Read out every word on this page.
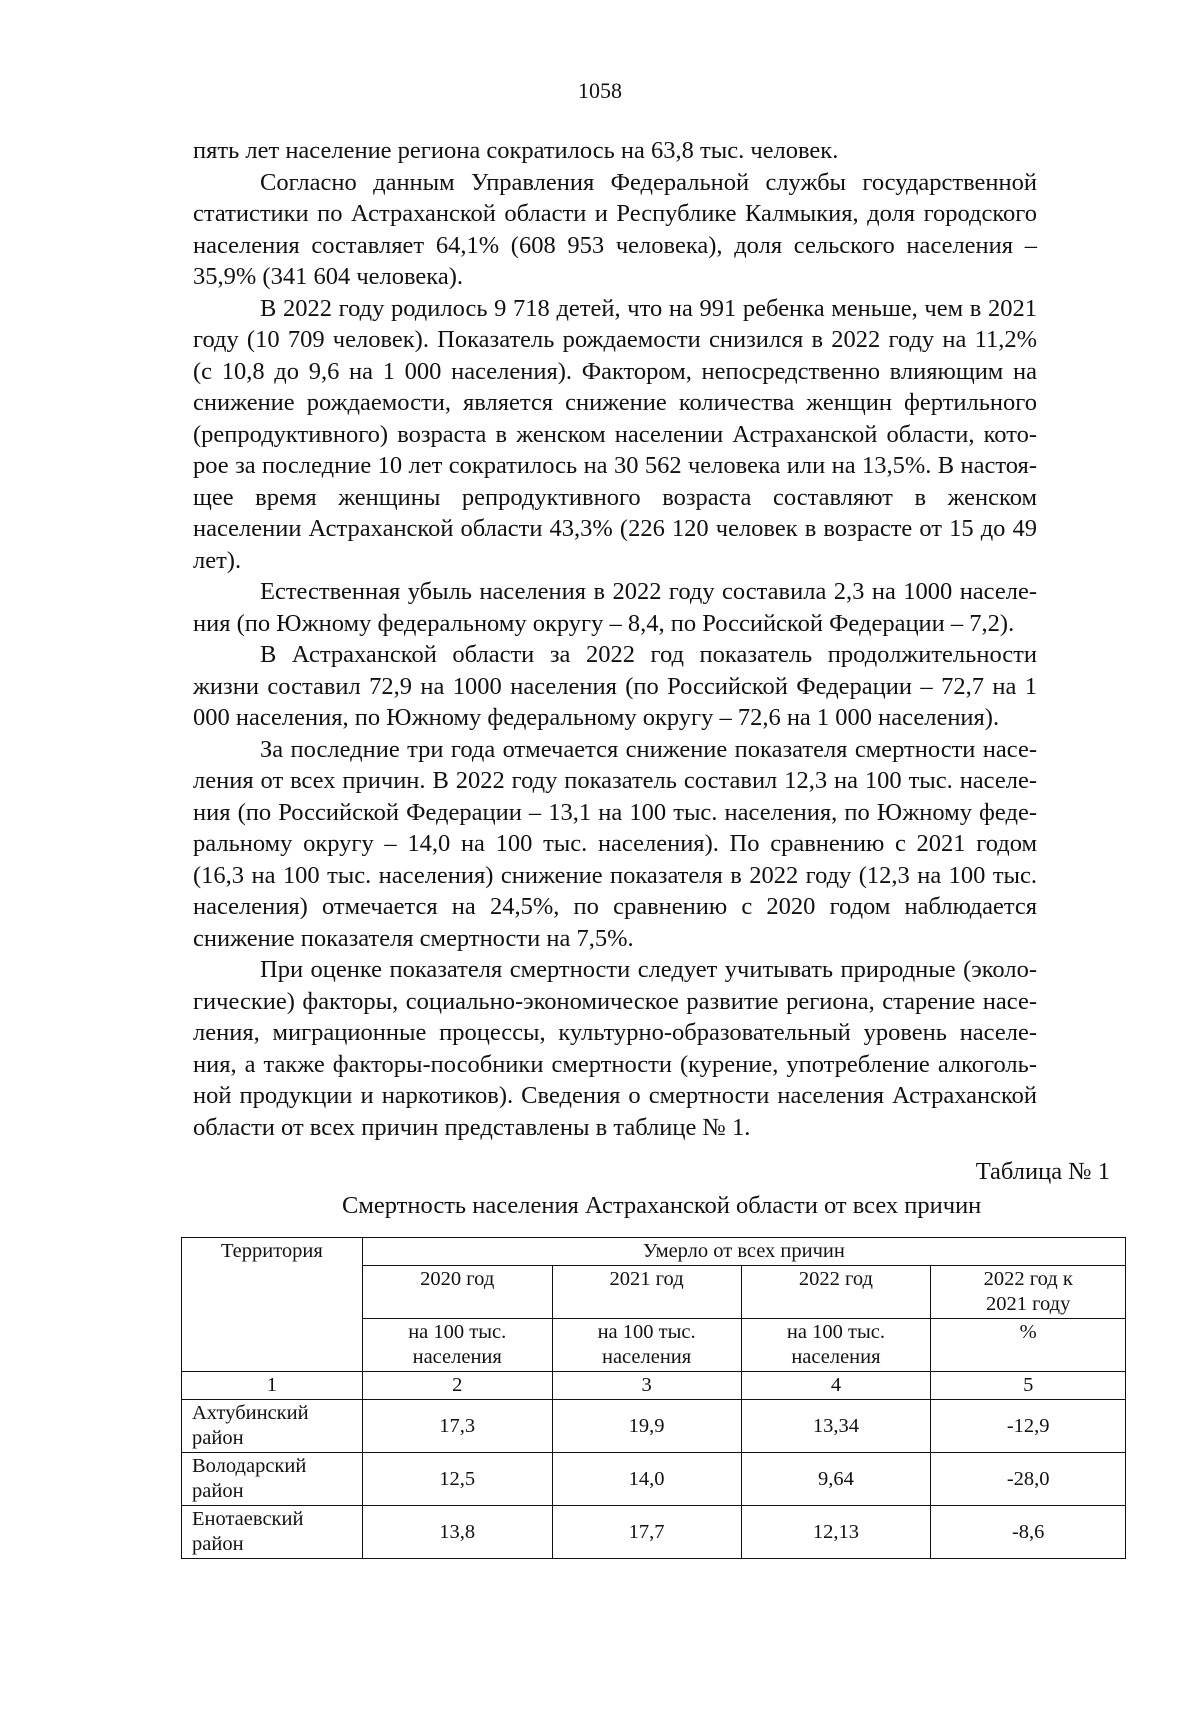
1058

пять лет население региона сократилось на 63,8 тыс. человек.

Согласно данным Управления Федеральной службы государственной статистики по Астраханской области и Республике Калмыкия, доля городского населения составляет 64,1% (608 953 человека), доля сельского населения – 35,9% (341 604 человека).

В 2022 году родилось 9 718 детей, что на 991 ребенка меньше, чем в 2021 году (10 709 человек). Показатель рождаемости снизился в 2022 году на 11,2% (с 10,8 до 9,6 на 1 000 населения). Фактором, непосредственно влияющим на снижение рождаемости, является снижение количества женщин фертильного (репродуктивного) возраста в женском населении Астраханской области, которое за последние 10 лет сократилось на 30 562 человека или на 13,5%. В настоящее время женщины репродуктивного возраста составляют в женском населении Астраханской области 43,3% (226 120 человек в возрасте от 15 до 49 лет).

Естественная убыль населения в 2022 году составила 2,3 на 1000 населения (по Южному федеральному округу – 8,4, по Российской Федерации – 7,2).

В Астраханской области за 2022 год показатель продолжительности жизни составил 72,9 на 1000 населения (по Российской Федерации – 72,7 на 1 000 населения, по Южному федеральному округу – 72,6 на 1 000 населения).

За последние три года отмечается снижение показателя смертности населения от всех причин. В 2022 году показатель составил 12,3 на 100 тыс. населения (по Российской Федерации – 13,1 на 100 тыс. населения, по Южному федеральному округу – 14,0 на 100 тыс. населения). По сравнению с 2021 годом (16,3 на 100 тыс. населения) снижение показателя в 2022 году (12,3 на 100 тыс. населения) отмечается на 24,5%, по сравнению с 2020 годом наблюдается снижение показателя смертности на 7,5%.

При оценке показателя смертности следует учитывать природные (экологические) факторы, социально-экономическое развитие региона, старение населения, миграционные процессы, культурно-образовательный уровень населения, а также факторы-пособники смертности (курение, употребление алкогольной продукции и наркотиков). Сведения о смертности населения Астраханской области от всех причин представлены в таблице № 1.

Таблица № 1
Смертность населения Астраханской области от всех причин
Территория	Умерло от всех причин			
	2020 год	2021 год	2022 год	2022 год к 2021 году
	на 100 тыс. населения	на 100 тыс. населения	на 100 тыс. населения	%
1	2	3	4	5
Ахтубинский район	17,3	19,9	13,34	-12,9
Володарский район	12,5	14,0	9,64	-28,0
Енотаевский район	13,8	17,7	12,13	-8,6
